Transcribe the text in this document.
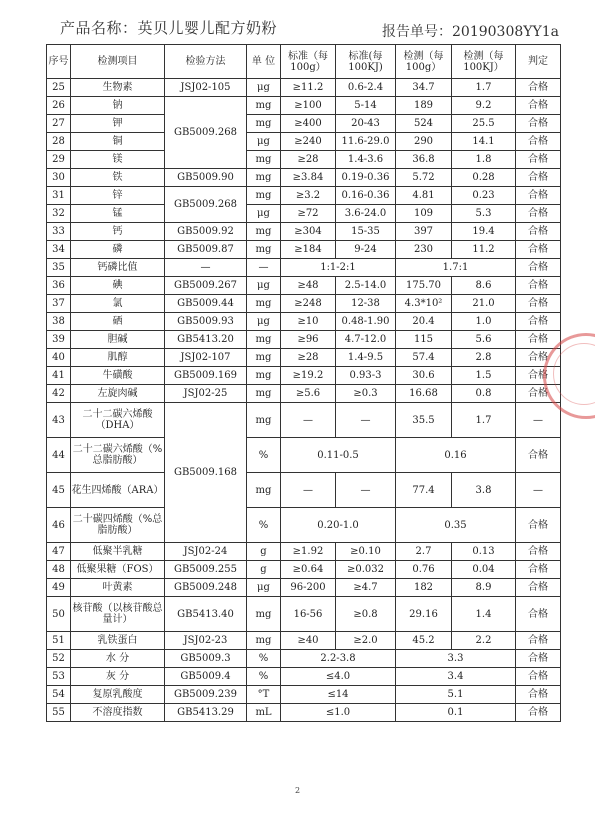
产品名称：英贝儿婴儿配方奶粉	报告单号：20190308YY1a
序号	检测项目	检验方法	单 位	标准（每100g）	标准(每100KJ)	检测（每100g）	检测（每100KJ）	判定
25	生物素	JSJ02-105	μg	≥11.2	0.6-2.4	34.7	1.7	合格
26	钠	GB5009.268	mg	≥100	5-14	189	9.2	合格
27	钾		mg	≥400	20-43	524	25.5	合格
28	铜		μg	≥240	11.6-29.0	290	14.1	合格
29	镁		mg	≥28	1.4-3.6	36.8	1.8	合格
30	铁	GB5009.90	mg	≥3.84	0.19-0.36	5.72	0.28	合格
31	锌	GB5009.268	mg	≥3.2	0.16-0.36	4.81	0.23	合格
32	锰		μg	≥72	3.6-24.0	109	5.3	合格
33	钙	GB5009.92	mg	≥304	15-35	397	19.4	合格
34	磷	GB5009.87	mg	≥184	9-24	230	11.2	合格
35	钙磷比值	—	—	1:1-2:1		1.7:1		合格
36	碘	GB5009.267	μg	≥48	2.5-14.0	175.70	8.6	合格
37	氯	GB5009.44	mg	≥248	12-38	4.3*10²	21.0	合格
38	硒	GB5009.93	μg	≥10	0.48-1.90	20.4	1.0	合格
39	胆碱	GB5413.20	mg	≥96	4.7-12.0	115	5.6	合格
40	肌醇	JSJ02-107	mg	≥28	1.4-9.5	57.4	2.8	合格
41	牛磺酸	GB5009.169	mg	≥19.2	0.93-3	30.6	1.5	合格
42	左旋肉碱	JSJ02-25	mg	≥5.6	≥0.3	16.68	0.8	合格
43	二十二碳六烯酸（DHA）	GB5009.168	mg	—	—	35.5	1.7	—
44	二十二碳六烯酸（%总脂肪酸）		%	0.11-0.5		0.16		合格
45	花生四烯酸（ARA）		mg	—	—	77.4	3.8	—
46	二十碳四烯酸（%总脂肪酸）		%	0.20-1.0		0.35		合格
47	低聚半乳糖	JSJ02-24	g	≥1.92	≥0.10	2.7	0.13	合格
48	低聚果糖（FOS）	GB5009.255	g	≥0.64	≥0.032	0.76	0.04	合格
49	叶黄素	GB5009.248	μg	96-200	≥4.7	182	8.9	合格
50	核苷酸（以核苷酸总量计）	GB5413.40	mg	16-56	≥0.8	29.16	1.4	合格
51	乳铁蛋白	JSJ02-23	mg	≥40	≥2.0	45.2	2.2	合格
52	水 分	GB5009.3	%	2.2-3.8		3.3		合格
53	灰 分	GB5009.4	%	≤4.0		3.4		合格
54	复原乳酸度	GB5009.239	°T	≤14		5.1		合格
55	不溶度指数	GB5413.29	mL	≤1.0		0.1		合格
2
